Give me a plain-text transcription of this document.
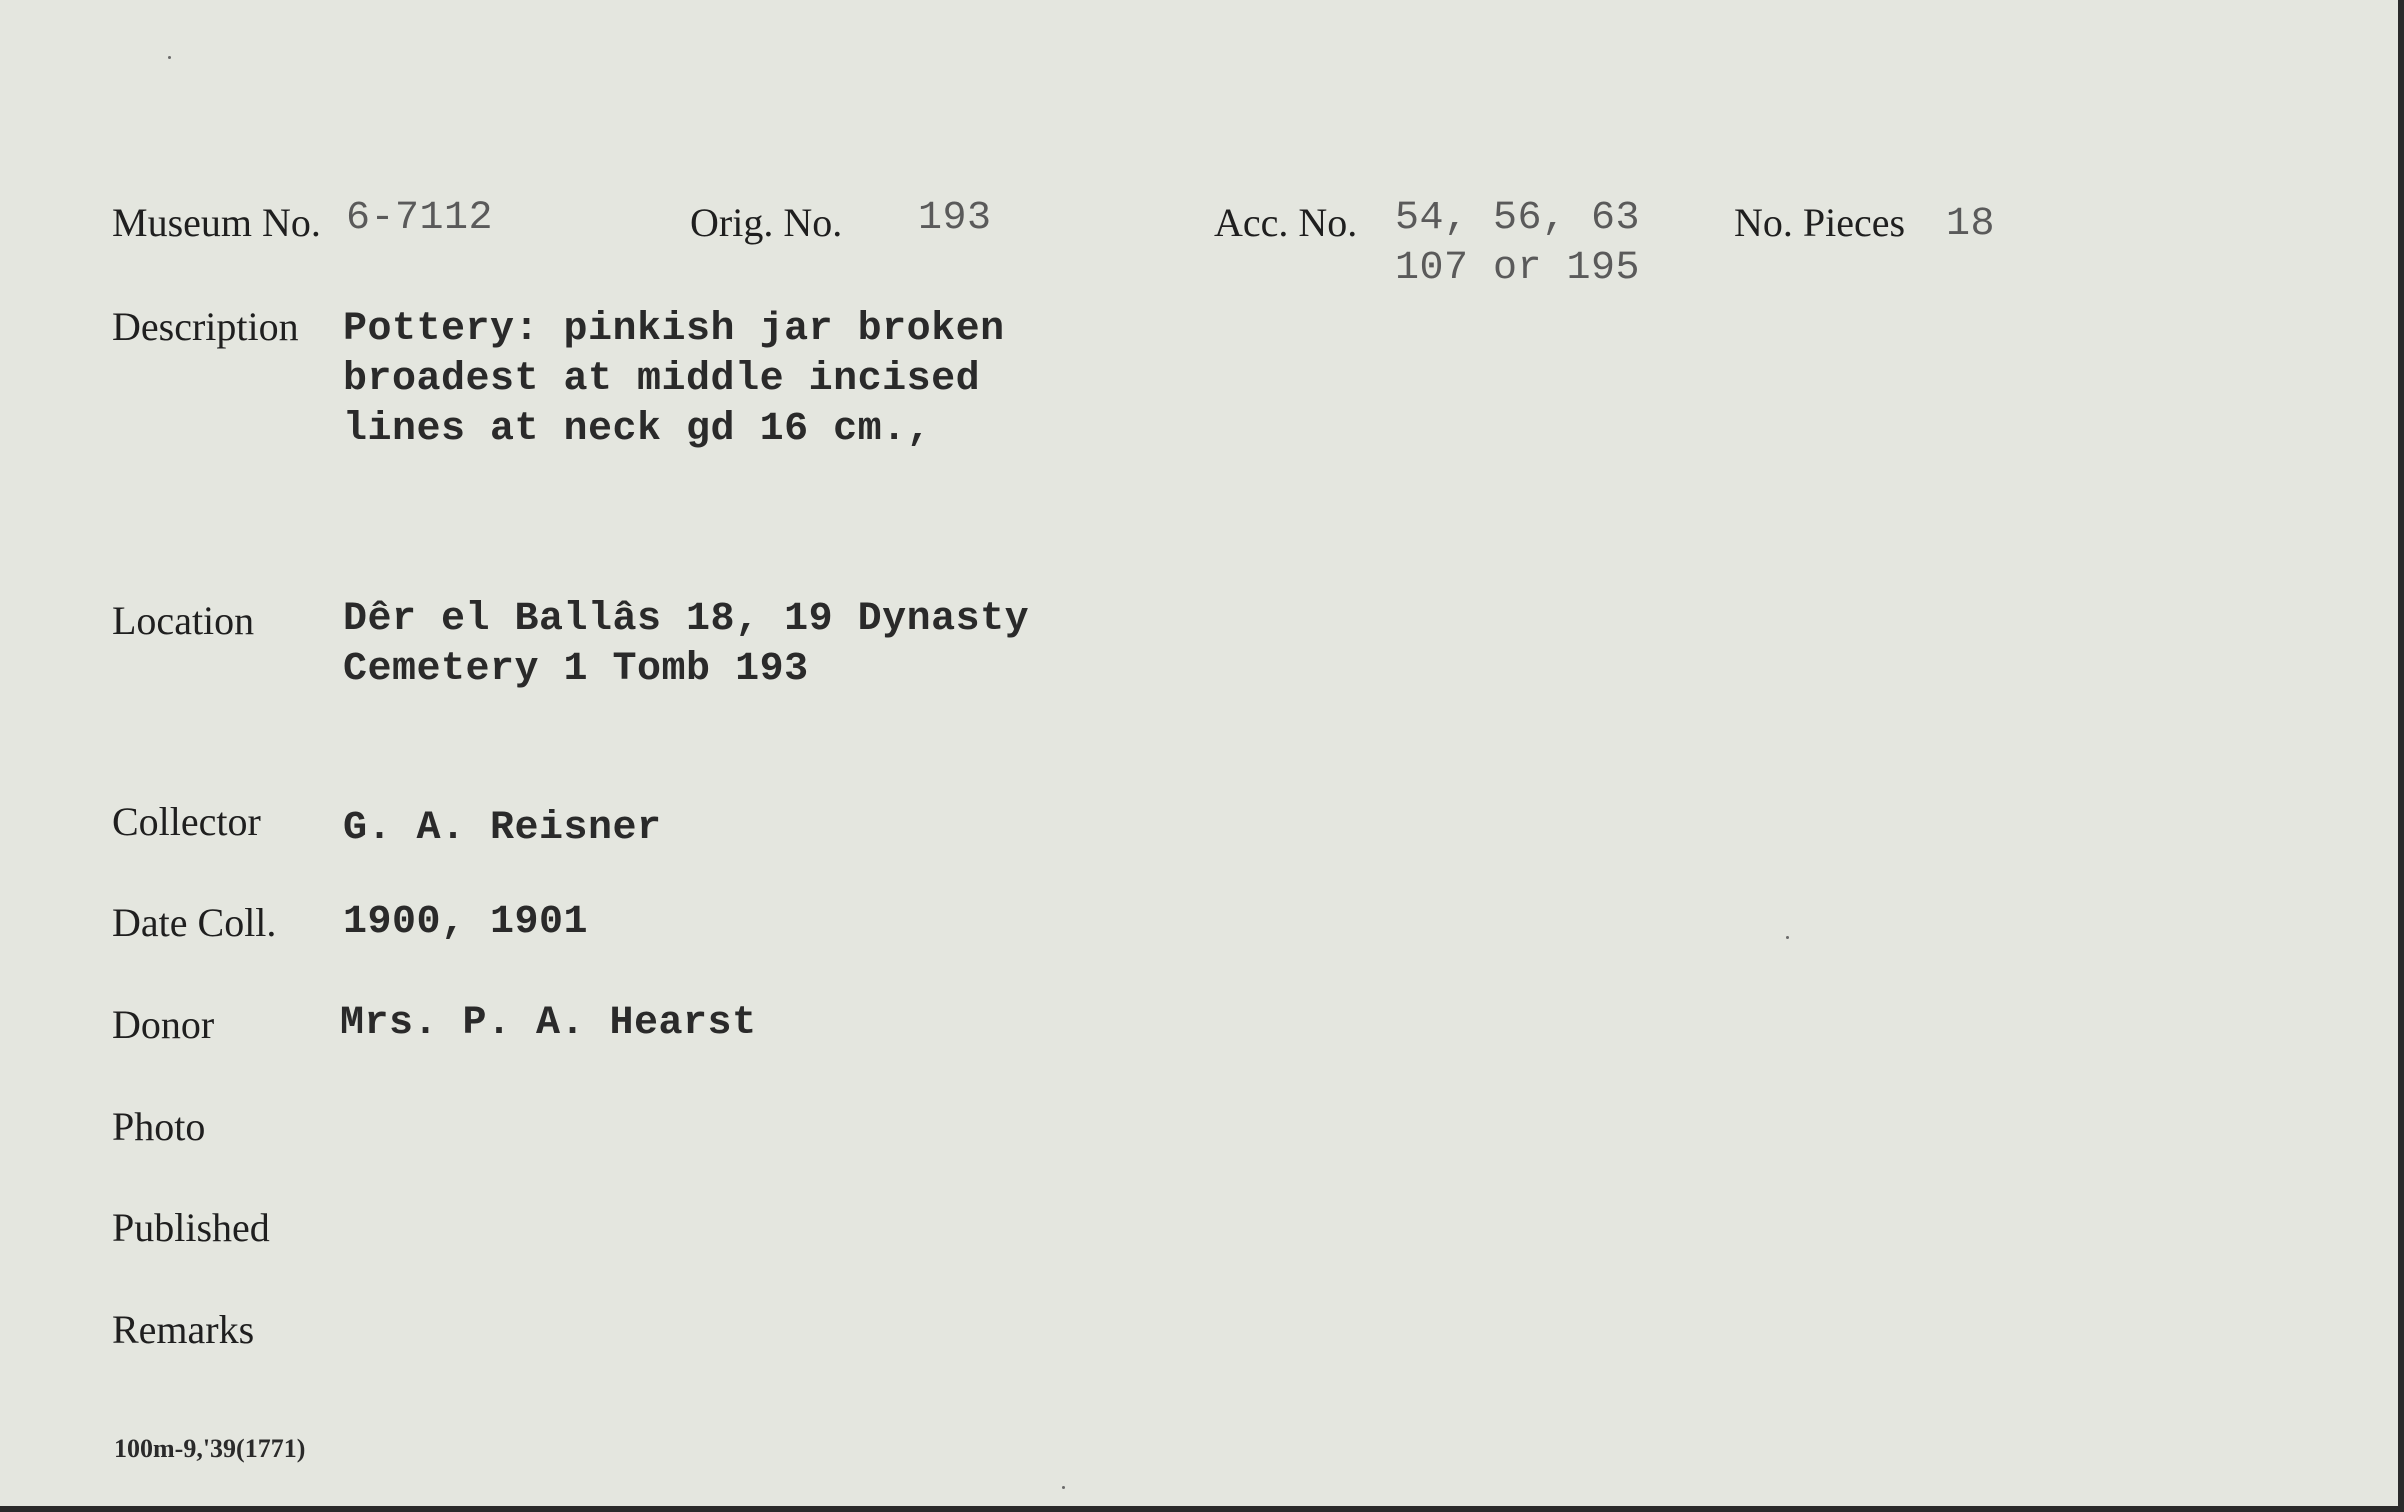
Museum No. 6-7112	Orig. No. 193	Acc. No. 54, 56, 63
107 or 195
No. Pieces 18
Description Pottery: pinkish jar broken
broadest at middle incised
lines at neck gd 16 cm.,
Location Dêr el Ballâs 18, 19 Dynasty
Cemetery 1 Tomb 193
Collector G. A. Reisner
Date Coll. 1900, 1901
Donor	Mrs. P. A. Hearst
Photo
Published
Remarks
100m-9,'39(1771)
